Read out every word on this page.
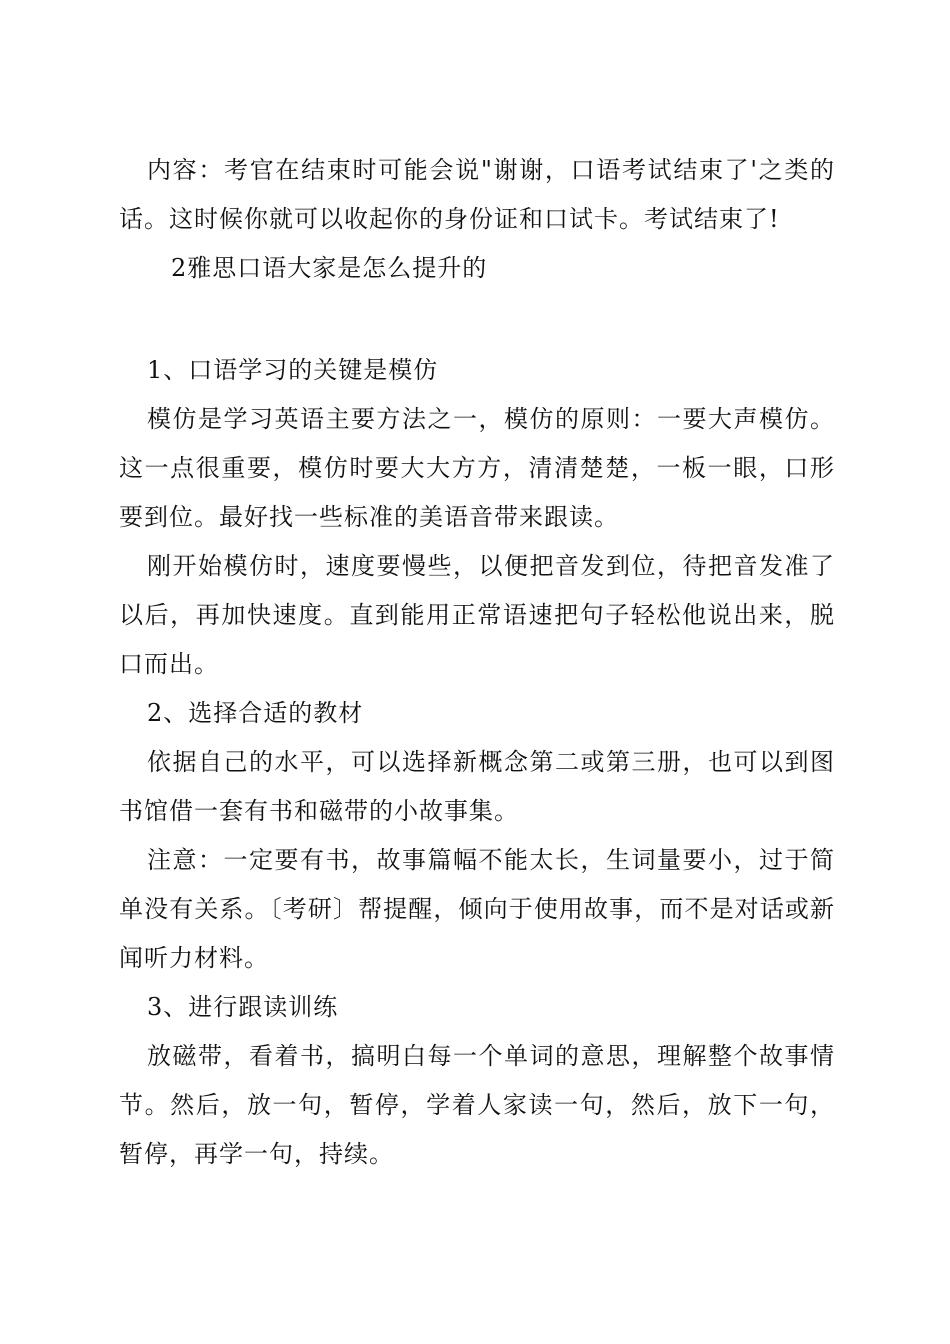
内容：考官在结束时可能会说"谢谢，口语考试结束了'之类的话。这时候你就可以收起你的身份证和口试卡。考试结束了!

2雅思口语大家是怎么提升的

1、口语学习的关键是模仿

模仿是学习英语主要方法之一，模仿的原则：一要大声模仿。这一点很重要，模仿时要大大方方，清清楚楚，一板一眼，口形要到位。最好找一些标准的美语音带来跟读。

刚开始模仿时，速度要慢些，以便把音发到位，待把音发准了以后，再加快速度。直到能用正常语速把句子轻松他说出来，脱口而出。

2、选择合适的教材

依据自己的水平，可以选择新概念第二或第三册，也可以到图书馆借一套有书和磁带的小故事集。

注意：一定要有书，故事篇幅不能太长，生词量要小，过于简单没有关系。〔考研〕帮提醒，倾向于使用故事，而不是对话或新闻听力材料。

3、进行跟读训练

放磁带，看着书，搞明白每一个单词的意思，理解整个故事情节。然后，放一句，暂停，学着人家读一句，然后，放下一句，暂停，再学一句，持续。
